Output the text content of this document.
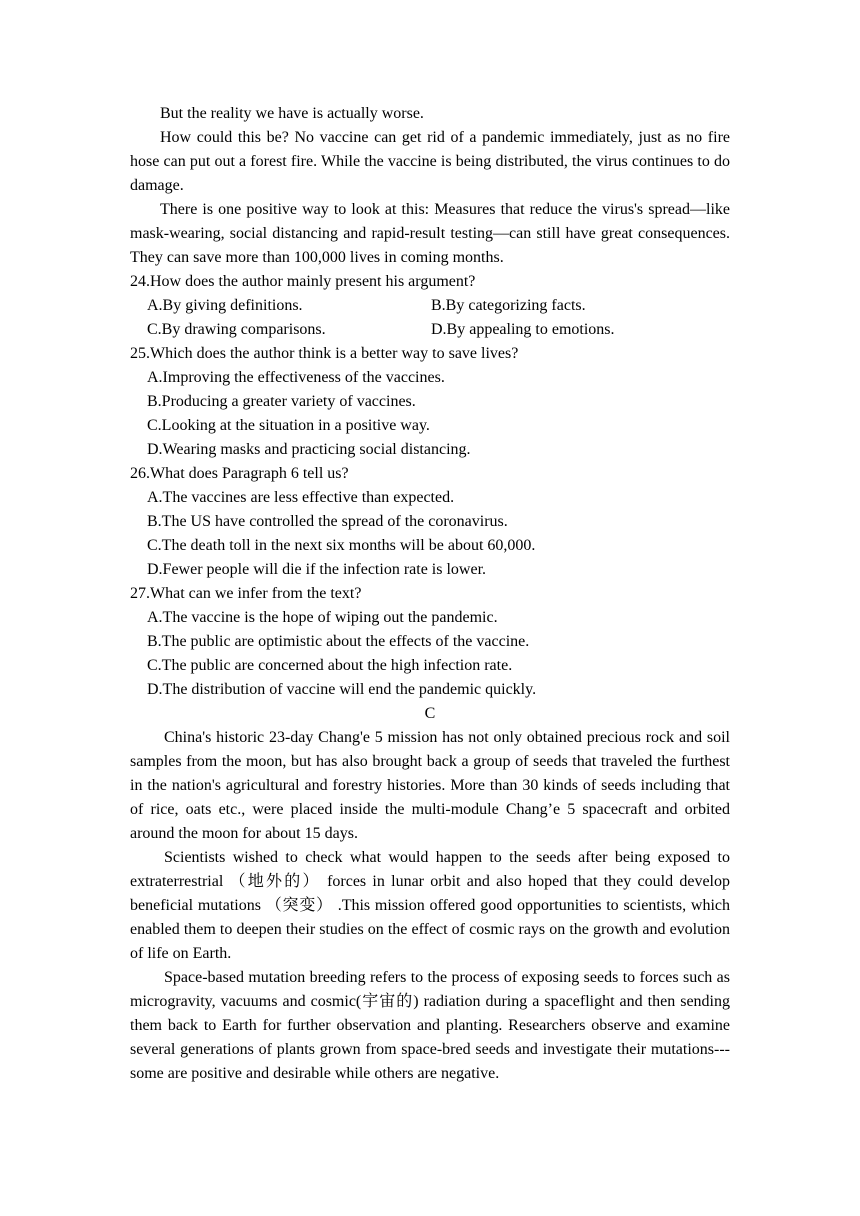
But the reality we have is actually worse.

How could this be? No vaccine can get rid of a pandemic immediately, just as no fire hose can put out a forest fire. While the vaccine is being distributed, the virus continues to do damage.

There is one positive way to look at this: Measures that reduce the virus's spread—like mask-wearing, social distancing and rapid-result testing—can still have great consequences. They can save more than 100,000 lives in coming months.

24.How does the author mainly present his argument?

A.By giving definitions.	B.By categorizing facts.
C.By drawing comparisons.	D.By appealing to emotions.

25.Which does the author think is a better way to save lives?

A.Improving the effectiveness of the vaccines.

B.Producing a greater variety of vaccines.

C.Looking at the situation in a positive way.

D.Wearing masks and practicing social distancing.

26.What does Paragraph 6 tell us?

A.The vaccines are less effective than expected.

B.The US have controlled the spread of the coronavirus.

C.The death toll in the next six months will be about 60,000.

D.Fewer people will die if the infection rate is lower.

27.What can we infer from the text?

A.The vaccine is the hope of wiping out the pandemic.

B.The public are optimistic about the effects of the vaccine.

C.The public are concerned about the high infection rate.

D.The distribution of vaccine will end the pandemic quickly.

C

China's historic 23-day Chang'e 5 mission has not only obtained precious rock and soil samples from the moon, but has also brought back a group of seeds that traveled the furthest in the nation's agricultural and forestry histories. More than 30 kinds of seeds including that of rice, oats etc., were placed inside the multi-module Chang’e 5 spacecraft and orbited around the moon for about 15 days.

Scientists wished to check what would happen to the seeds after being exposed to extraterrestrial （地外的） forces in lunar orbit and also hoped that they could develop beneficial mutations （突变） .This mission offered good opportunities to scientists, which enabled them to deepen their studies on the effect of cosmic rays on the growth and evolution of life on Earth.

Space-based mutation breeding refers to the process of exposing seeds to forces such as microgravity, vacuums and cosmic(宇宙的) radiation during a spaceflight and then sending them back to Earth for further observation and planting. Researchers observe and examine several generations of plants grown from space-bred seeds and investigate their mutations---some are positive and desirable while others are negative.
